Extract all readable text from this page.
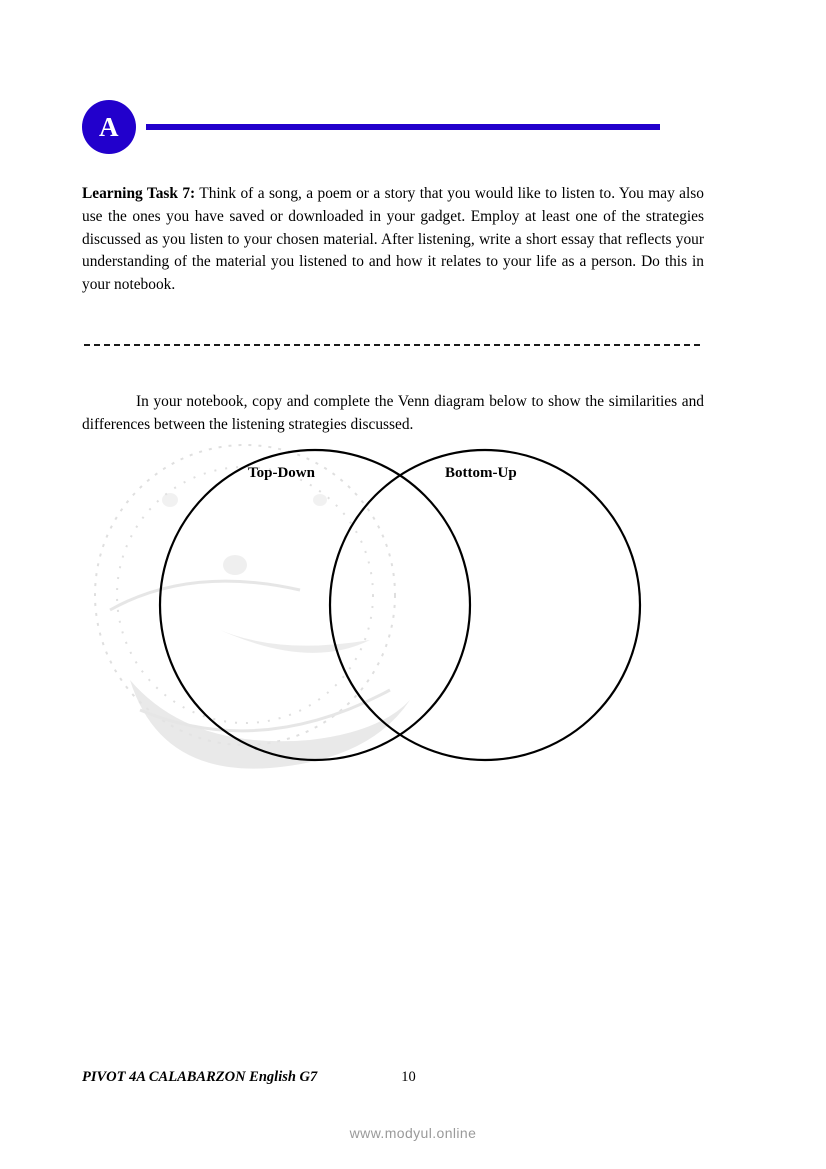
A

Learning Task 7: Think of a song, a poem or a story that you would like to listen to. You may also use the ones you have saved or downloaded in your gadget. Employ at least one of the strategies discussed as you listen to your chosen material. After listening, write a short essay that reflects your understanding of the material you listened to and how it relates to your life as a person. Do this in your notebook.

In your notebook, copy and complete the Venn diagram below to show the similarities and differences between the listening strategies discussed.

Top-Down	Bottom-Up
PIVOT 4A CALABARZON English G7	10
www.modyul.online
